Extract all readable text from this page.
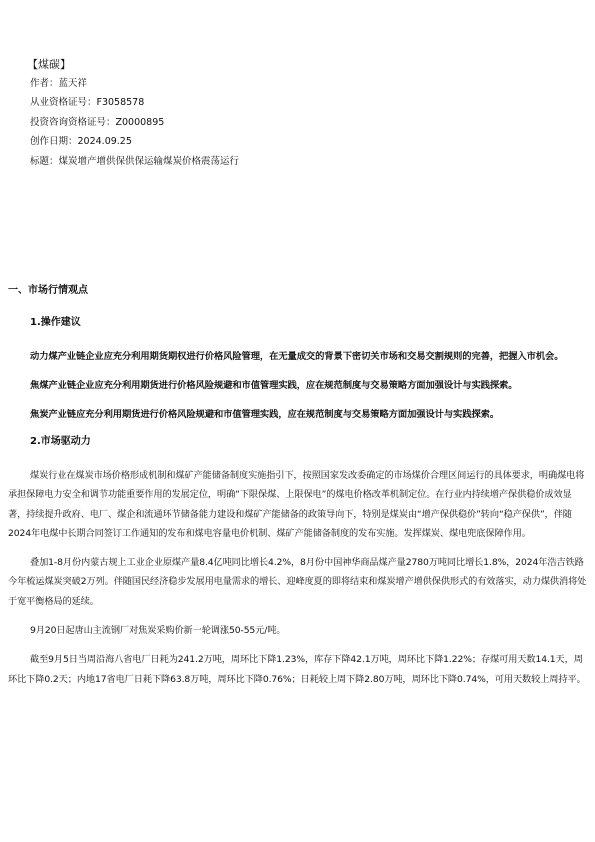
【煤碳】
作者：蓝天祥
从业资格证号：F3058578
投资咨询资格证号：Z0000895
创作日期：2024.09.25
标题：煤炭增产增供保供保运输煤炭价格震荡运行
一、市场行情观点
1.操作建议

动力煤产业链企业应充分利用期货期权进行价格风险管理，在无量成交的背景下密切关市场和交易交割规则的完善，把握入市机会。

焦煤产业链企业应充分利用期货进行价格风险规避和市值管理实践，应在规范制度与交易策略方面加强设计与实践探索。

焦炭产业链应充分利用期货进行价格风险规避和市值管理实践，应在规范制度与交易策略方面加强设计与实践探索。

2.市场驱动力

煤炭行业在煤炭市场价格形成机制和煤矿产能储备制度实施指引下，按照国家发改委确定的市场煤价合理区间运行的具体要求，明确煤电将承担保障电力安全和调节功能重要作用的发展定位，明确“下限保煤、上限保电”的煤电价格改革机制定位。在行业内持续增产保供稳价成效显著，持续提升政府、电厂、煤企和流通环节储备能力建设和煤矿产能储备的政策导向下，特别是煤炭由“增产保供稳价”转向“稳产保供”，伴随2024年电煤中长期合同签订工作通知的发布和煤电容量电价机制、煤矿产能储备制度的发布实施。发挥煤炭、煤电兜底保障作用。

叠加1-8月份内蒙古规上工业企业原煤产量8.4亿吨同比增长4.2%，8月份中国神华商品煤产量2780万吨同比增长1.8%，2024年浩吉铁路今年梳运煤炭突破2万列。伴随国民经济稳步发展用电量需求的增长、迎峰度夏的即将结束和煤炭增产增供保供形式的有效落实，动力煤供消将处于宽平衡格局的延续。

9月20日起唐山主流钢厂对焦炭采购价新一轮调涨50-55元/吨。

截至9月5日当周沿海八省电厂日耗为241.2万吨，周环比下降1.23%，库存下降42.1万吨，周环比下降1.22%；存煤可用天数14.1天，周环比下降0.2天；内地17省电厂日耗下降63.8万吨，周环比下降0.76%；日耗较上周下降2.80万吨，周环比下降0.74%，可用天数较上周持平。
